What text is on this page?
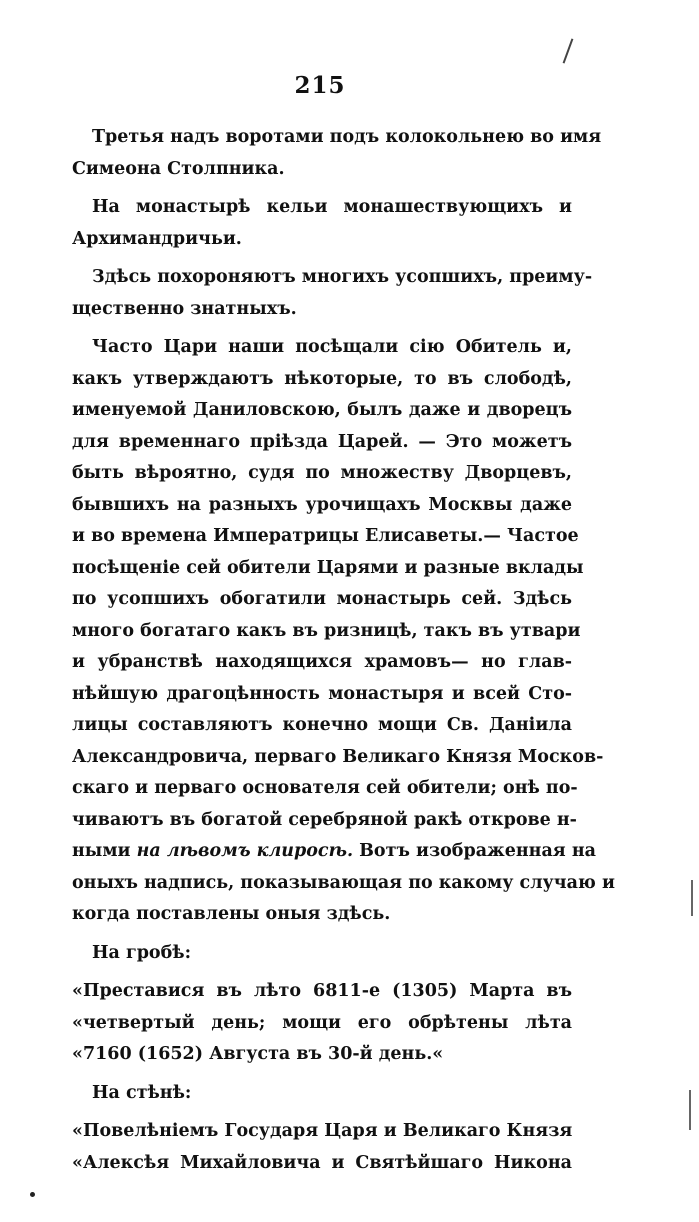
215
Третья надъ воротами подъ колокольнею во имя
Симеона Столпника.
На монастырѣ кельи монашествующихъ и
Архимандричьи.
Здѣсь похороняютъ многихъ усопшихъ, преиму-
щественно знатныхъ.
Часто Цари наши посѣщали сію Обитель и,
какъ утверждаютъ нѣкоторые, то въ слободѣ,
именуемой Даниловскою, былъ даже и дворецъ
для временнаго пріѣзда Царей. — Это можетъ
быть вѣроятно, судя по множеству Дворцевъ,
бывшихъ на разныхъ урочищахъ Москвы даже
и во времена Императрицы Елисаветы.— Частое
посѣщеніе сей обители Царями и разные вклады
по усопшихъ обогатили монастырь сей. Здѣсь
много богатаго какъ въ ризницѣ, такъ въ утвари
и убранствѣ находящихся храмовъ— но глав-
нѣйшую драгоцѣнность монастыря и всей Сто-
лицы составляютъ конечно мощи Св. Даніила
Александровича, перваго Великаго Князя Москов-
скаго и перваго основателя сей обители; онѣ по-
чиваютъ въ богатой серебряной ракѣ открове н-
ными на лѣвомъ клиросѣ. Вотъ изображенная на
оныхъ надпись, показывающая по какому случаю и
когда поставлены оныя здѣсь.
На гробѣ:
«Преставися въ лѣто 6811-е (1305) Марта въ
«четвертый день; мощи его обрѣтены лѣта
«7160 (1652) Августа въ 30-й день.«
На стѣнѣ:
«Повелѣніемъ Государя Царя и Великаго Князя
«Алексѣя Михайловича и Святѣйшаго Никона
